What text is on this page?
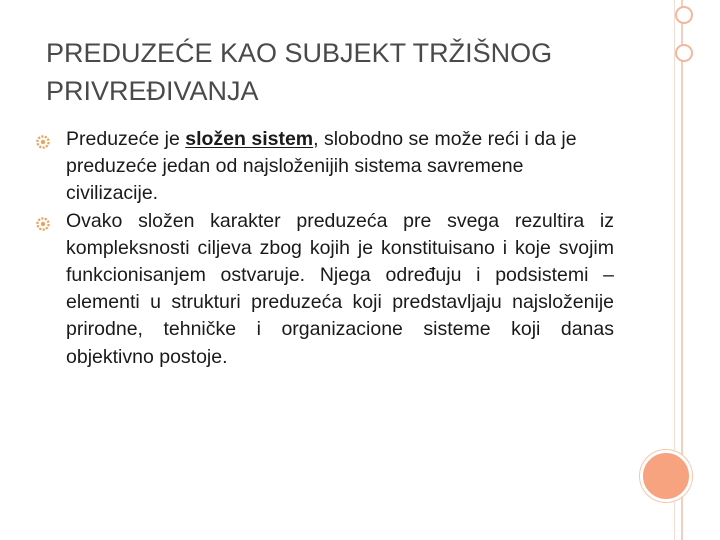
PREDUZEĆE KAO SUBJEKT TRŽIŠNOG
PRIVREĐIVANJA
Preduzeće je složen sistem, slobodno se može reći i da je preduzeće jedan od najsloženijih sistema savremene civilizacije.
Ovako složen karakter preduzeća pre svega rezultira iz kompleksnosti ciljeva zbog kojih je konstituisano i koje svojim funkcionisanjem ostvaruje. Njega određuju i podsistemi – elementi u strukturi preduzeća koji predstavljaju najsloženije prirodne, tehničke i organizacione sisteme koji danas objektivno postoje.
